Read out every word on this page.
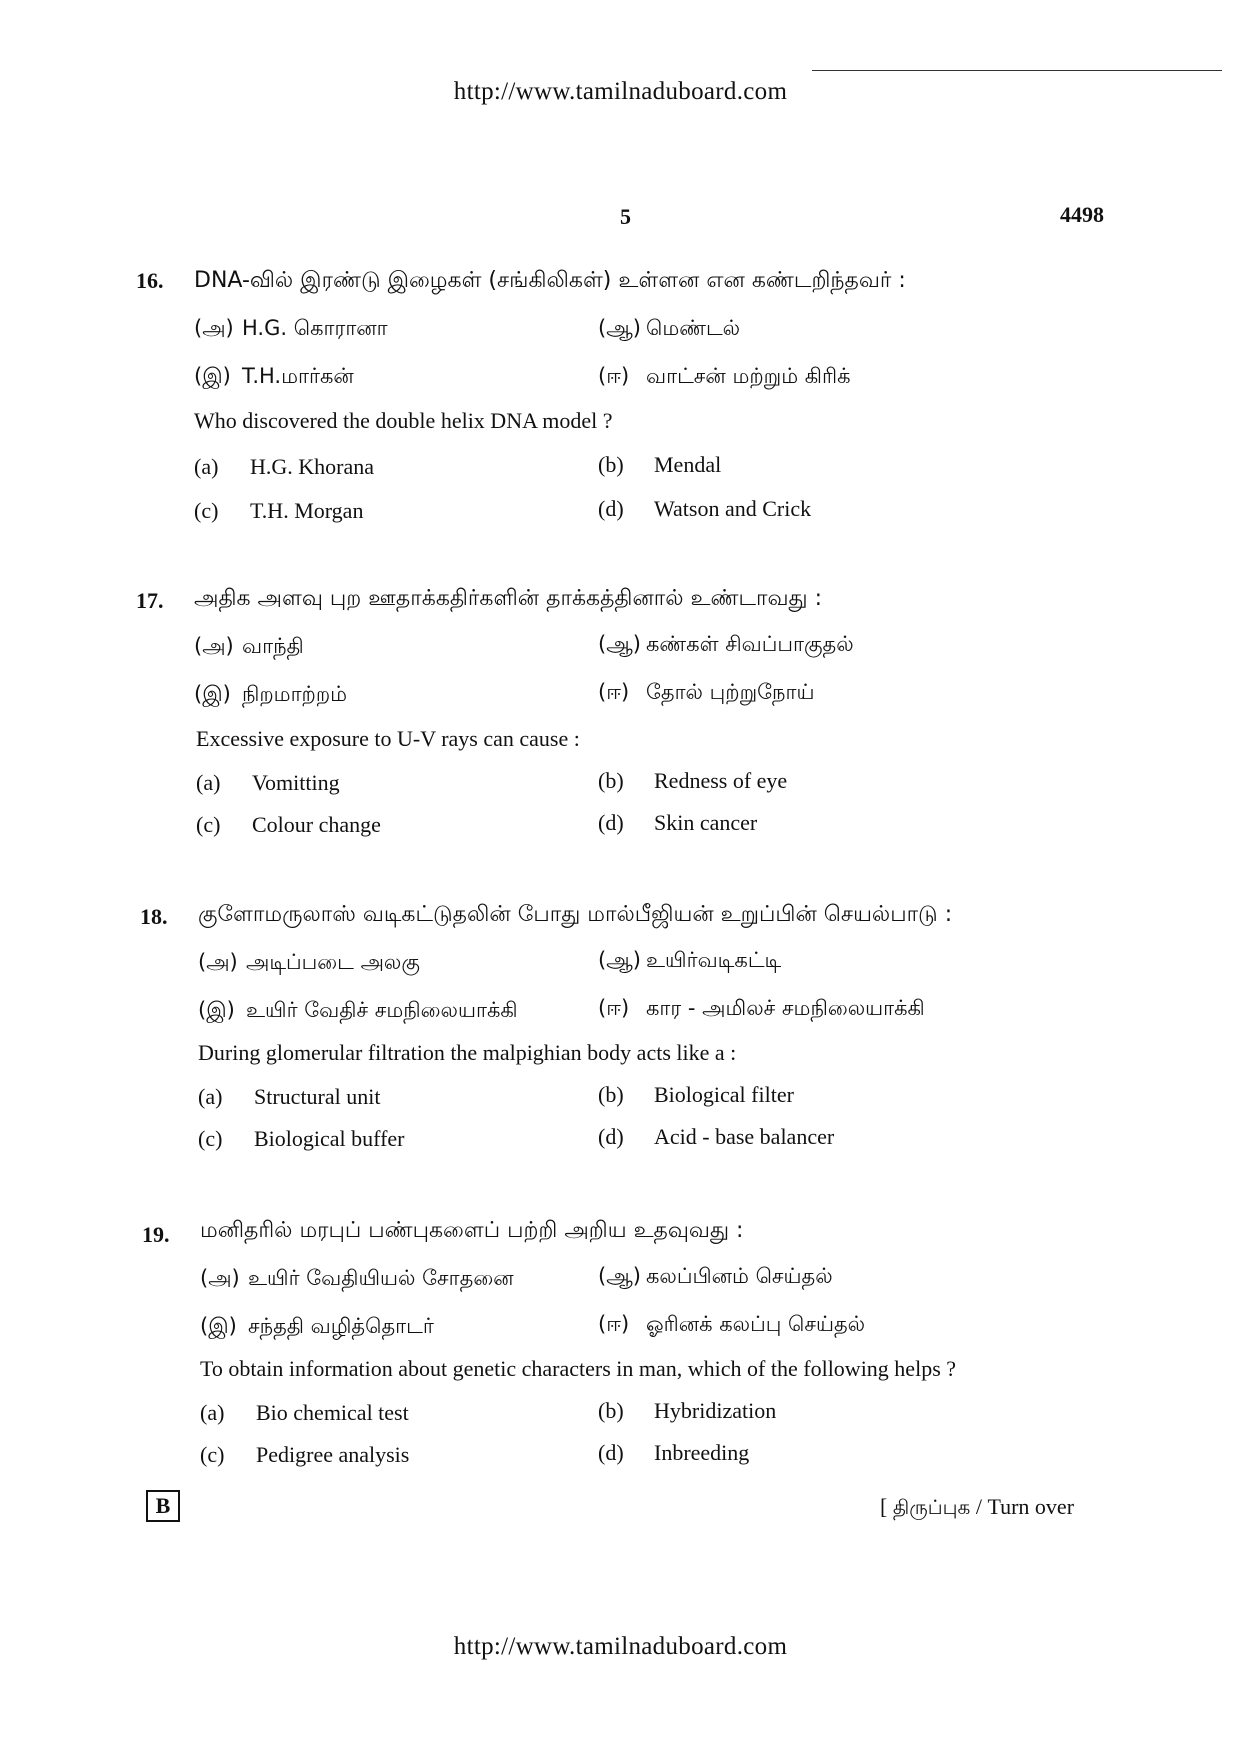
http://www.tamilnaduboard.com
5	4498
16. DNA-வில் இரண்டு இழைகள் (சங்கிலிகள்) உள்ளன என கண்டறிந்தவர் :
(அ) H.G. கொரானா	(ஆ) மெண்டல்
(இ) T.H.மார்கன்	(ஈ) வாட்சன் மற்றும் கிரிக்
Who discovered the double helix DNA model ?
(a) H.G. Khorana	(b) Mendal
(c) T.H. Morgan	(d) Watson and Crick
17. அதிக அளவு புற ஊதாக்கதிர்களின் தாக்கத்தினால் உண்டாவது :
(அ) வாந்தி	(ஆ) கண்கள் சிவப்பாகுதல்
(இ) நிறமாற்றம்	(ஈ) தோல் புற்றுநோய்
Excessive exposure to U-V rays can cause :
(a) Vomitting	(b) Redness of eye
(c) Colour change	(d) Skin cancer
18. குளோமருலாஸ் வடிகட்டுதலின் போது மால்பீஜியன் உறுப்பின் செயல்பாடு :
(அ) அடிப்படை அலகு	(ஆ) உயிர்வடிகட்டி
(இ) உயிர் வேதிச் சமநிலையாக்கி	(ஈ) கார - அமிலச் சமநிலையாக்கி
During glomerular filtration the malpighian body acts like a :
(a) Structural unit	(b) Biological filter
(c) Biological buffer	(d) Acid - base balancer
19. மனிதரில் மரபுப் பண்புகளைப் பற்றி அறிய உதவுவது :
(அ) உயிர் வேதியியல் சோதனை	(ஆ) கலப்பினம் செய்தல்
(இ) சந்ததி வழித்தொடர்	(ஈ) ஓரினக் கலப்பு செய்தல்
To obtain information about genetic characters in man, which of the following helps ?
(a) Bio chemical test	(b) Hybridization
(c) Pedigree analysis	(d) Inbreeding
B	[ திருப்புக / Turn over
http://www.tamilnaduboard.com
